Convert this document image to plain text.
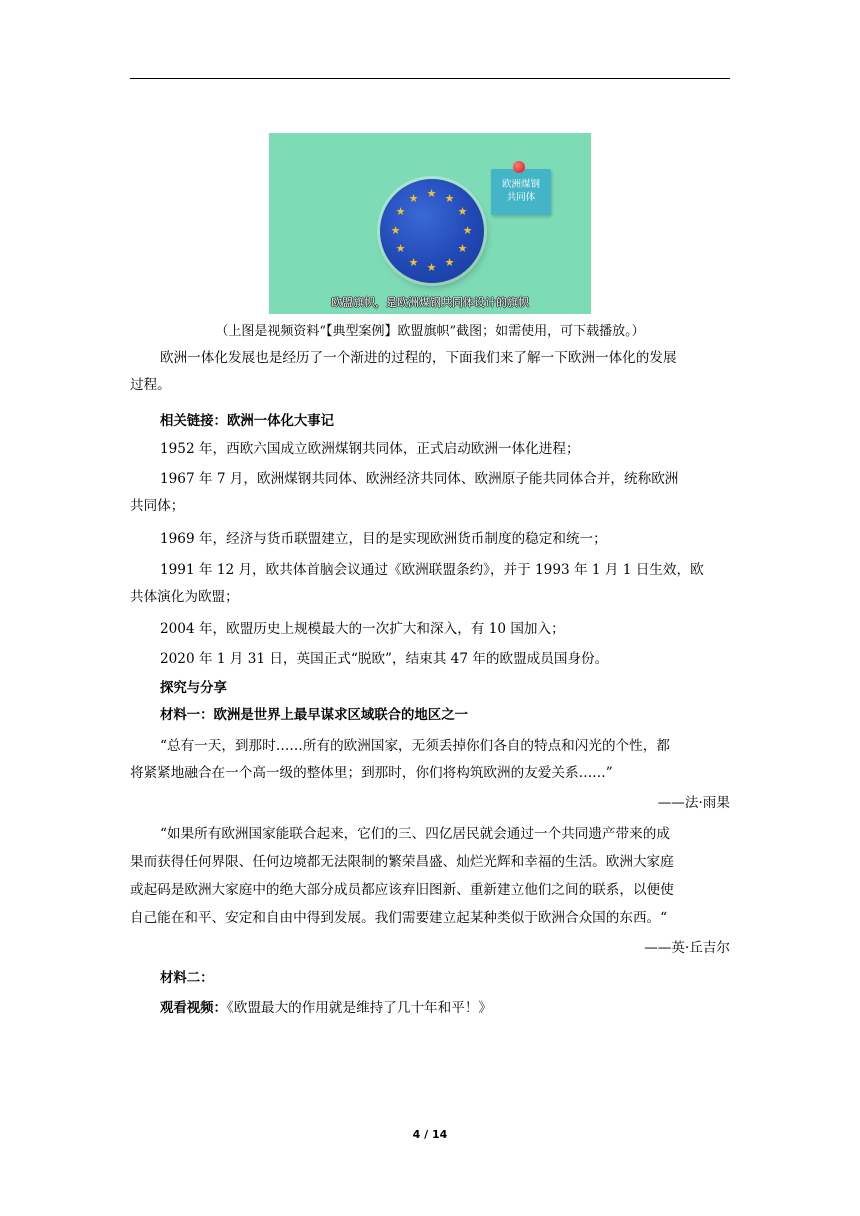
★ ★
★
★
★
★
★
★
★
★
★
★
欧洲煤钢
共同体
欧盟旗帜，是欧洲煤钢共同体设计的旗帜
（上图是视频资料“【典型案例】欧盟旗帜”截图；如需使用，可下载播放。）
欧洲一体化发展也是经历了一个渐进的过程的，下面我们来了解一下欧洲一体化的发展
过程。
相关链接：欧洲一体化大事记
1952 年，西欧六国成立欧洲煤钢共同体，正式启动欧洲一体化进程；
1967 年 7 月，欧洲煤钢共同体、欧洲经济共同体、欧洲原子能共同体合并，统称欧洲
共同体；
1969 年，经济与货币联盟建立，目的是实现欧洲货币制度的稳定和统一；
1991 年 12 月，欧共体首脑会议通过《欧洲联盟条约》，并于 1993 年 1 月 1 日生效，欧
共体演化为欧盟；
2004 年，欧盟历史上规模最大的一次扩大和深入，有 10 国加入；
2020 年 1 月 31 日，英国正式“脱欧”，结束其 47 年的欧盟成员国身份。
探究与分享
材料一：欧洲是世界上最早谋求区域联合的地区之一
“总有一天，到那时……所有的欧洲国家，无须丢掉你们各自的特点和闪光的个性，都
将紧紧地融合在一个高一级的整体里；到那时，你们将构筑欧洲的友爱关系……”
——法·雨果
“如果所有欧洲国家能联合起来，它们的三、四亿居民就会通过一个共同遗产带来的成
果而获得任何界限、任何边境都无法限制的繁荣昌盛、灿烂光辉和幸福的生活。欧洲大家庭
或起码是欧洲大家庭中的绝大部分成员都应该弃旧图新、重新建立他们之间的联系，以便使
自己能在和平、安定和自由中得到发展。我们需要建立起某种类似于欧洲合众国的东西。“
——英·丘吉尔
材料二：
观看视频：《欧盟最大的作用就是维持了几十年和平！》
4 / 14
